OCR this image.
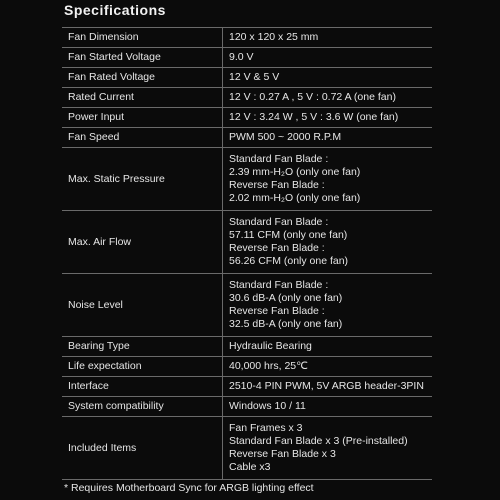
Specifications
Fan Dimension	120 x 120 x 25 mm

Fan Started Voltage	9.0 V

Fan Rated Voltage	12 V & 5 V

Rated Current	12 V : 0.27 A , 5 V : 0.72 A (one fan)

Power Input	12 V : 3.24 W , 5 V : 3.6 W (one fan)

Fan Speed	PWM 500 ~ 2000 R.P.M

Max. Static Pressure	Standard Fan Blade :
2.39 mm-H₂O (only one fan)
Reverse Fan Blade :
2.02 mm-H₂O (only one fan)

Max. Air Flow	Standard Fan Blade :
57.11 CFM (only one fan)
Reverse Fan Blade :
56.26 CFM (only one fan)

Noise Level	Standard Fan Blade :
30.6 dB-A (only one fan)
Reverse Fan Blade :
32.5 dB-A (only one fan)

Bearing Type	Hydraulic Bearing

Life expectation	40,000 hrs, 25℃

Interface	2510-4 PIN PWM, 5V ARGB header-3PIN

System compatibility	Windows 10 / 11

Included Items	Fan Frames x 3
Standard Fan Blade x 3 (Pre-installed)
Reverse Fan Blade x 3
Cable x3
* Requires Motherboard Sync for ARGB lighting effect
